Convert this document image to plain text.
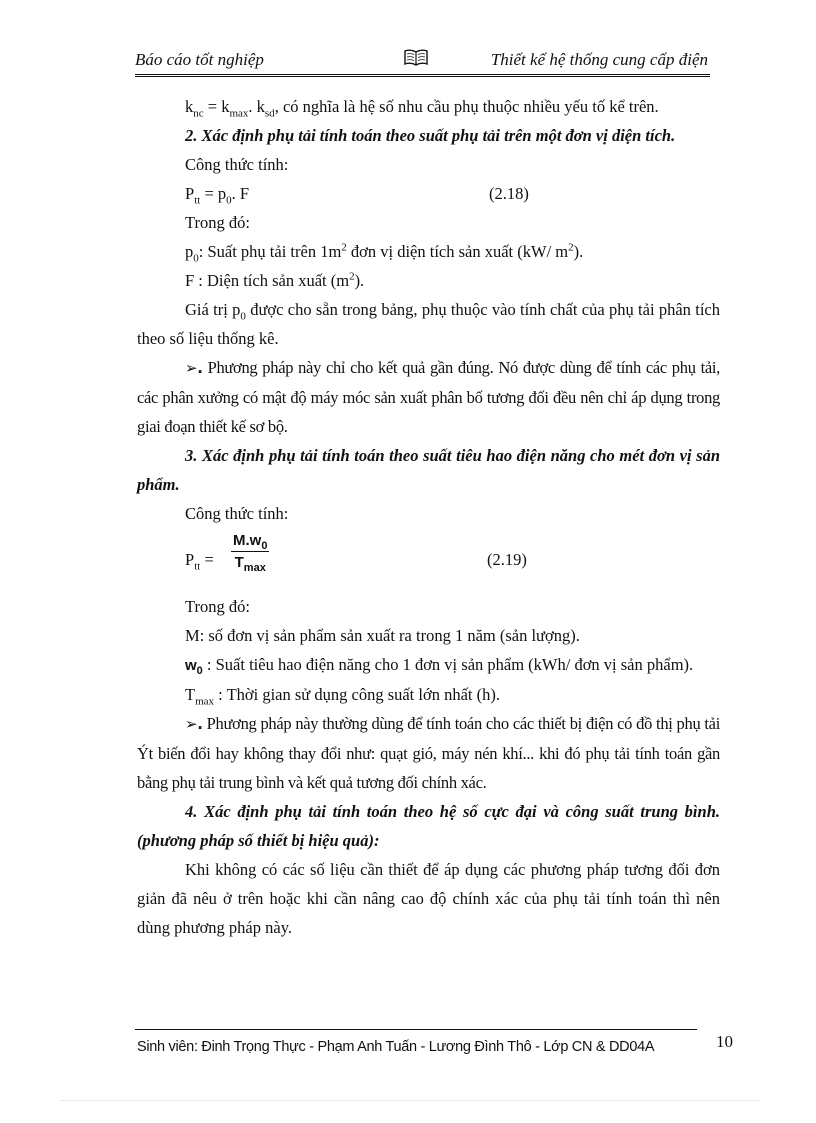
Báo cáo tốt nghiệp	Thiết kế hệ thống cung cấp điện

$k_{nc} = k_{max}$. $k_{sd}$, có nghĩa là hệ số nhu cầu phụ thuộc nhiều yếu tố kể trên.

2. Xác định phụ tải tính toán theo suất phụ tải trên một đơn vị diện tích.

Công thức tính:

$P_{tt} = p_0$. F	(2.18)

Trong đó:

$p_0$: Suất phụ tải trên $1m^2$ đơn vị diện tích sản xuất (kW/ $m^2$).

F : Diện tích sản xuất $(m^2)$.

Giá trị $p_0$ được cho sẵn trong bảng, phụ thuộc vào tính chất của phụ tải phân tích theo số liệu thống kê.

➢. Phương pháp này chỉ cho kết quả gần đúng. Nó được dùng để tính các phụ tải, các phân xưởng có mật độ máy móc sản xuất phân bố tương đối đều nên chỉ áp dụng trong giai đoạn thiết kế sơ bộ.

3. Xác định phụ tải tính toán theo suất tiêu hao điện năng cho mét đơn vị sản phẩm.

Công thức tính:

$P_{tt}$ =
$M.w_0$
$T_{max}$	(2.19)

Trong đó:

M: số đơn vị sản phẩm sản xuất ra trong 1 năm (sản lượng).

$w_0$ : Suất tiêu hao điện năng cho 1 đơn vị sản phẩm (kWh/ đơn vị sản phẩm).

$T_{max}$ : Thời gian sử dụng công suất lớn nhất (h).

➢. Phương pháp này thường dùng để tính toán cho các thiết bị điện có đồ thị phụ tải Ýt biến đổi hay không thay đổi như: quạt gió, máy nén khí... khi đó phụ tải tính toán gần bằng phụ tải trung bình và kết quả tương đối chính xác.

4. Xác định phụ tải tính toán theo hệ số cực đại và công suất trung bình. (phương pháp số thiết bị hiệu quả):

Khi không có các số liệu cần thiết để áp dụng các phương pháp tương đối đơn giản đã nêu ở trên hoặc khi cần nâng cao độ chính xác của phụ tải tính toán thì nên dùng phương pháp này.

Sinh viên: Đinh Trọng Thực - Phạm Anh Tuấn - Lương Đình Thô - Lớp CN & DD04A	10
